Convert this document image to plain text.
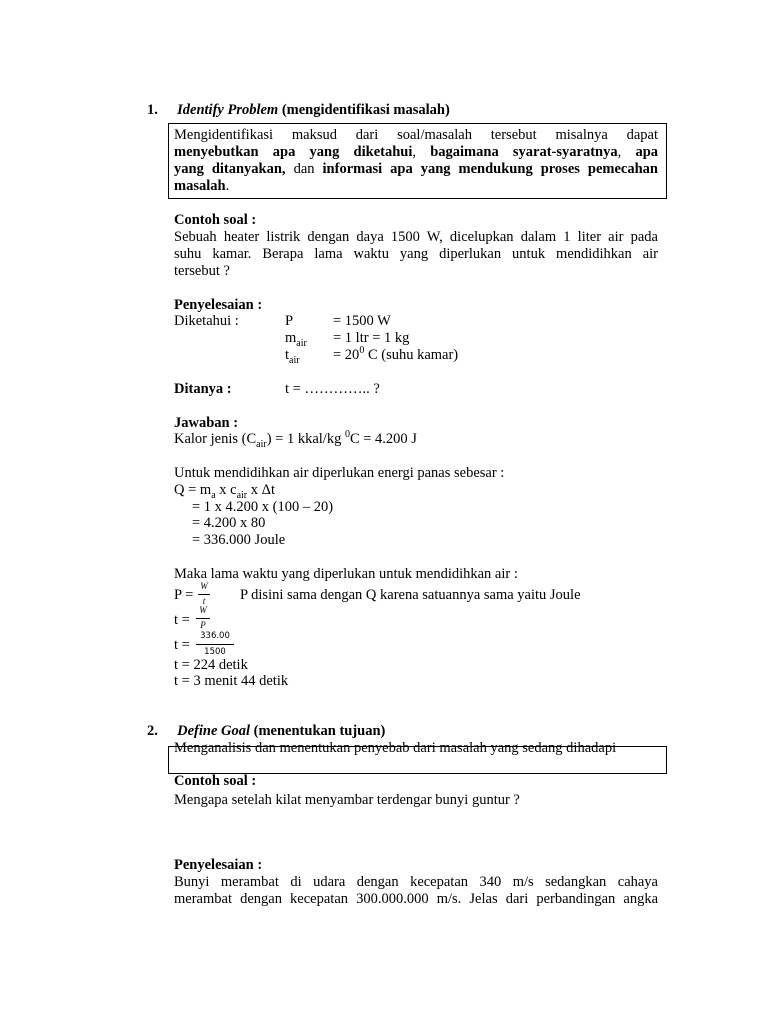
1. Identify Problem (mengidentifikasi masalah)
Mengidentifikasi maksud dari soal/masalah tersebut misalnya dapat
menyebutkan apa yang diketahui, bagaimana syarat-syaratnya, apa
yang ditanyakan, dan informasi apa yang mendukung proses pemecahan
masalah.
Contoh soal :
Sebuah heater listrik dengan daya 1500 W, dicelupkan dalam 1 liter air pada
suhu kamar. Berapa lama waktu yang diperlukan untuk mendidihkan air
tersebut ?
Penyelesaian :
Diketahui :	P	= 1500 W
$m_{air} = 1$ ltr = 1 kg
$t_{air} = 20^0$ C (suhu kamar)
Ditanya :	t = ………….. ?
Jawaban :
Kalor jenis $(C_{air}) = 1$ kkal/kg $^0$C = 4.200 J
Untuk mendidihkan air diperlukan energi panas sebesar :
$Q = m_a$ x $c_{air}$ x Δt
= 1 x 4.200 x (100 – 20)
= 4.200 x 80
= 336.000 Joule
Maka lama waktu yang diperlukan untuk mendidihkan air :
P =
W
t	P disini sama dengan Q karena satuannya sama yaitu Joule
t =
W
P
t =
336.00
1500
t = 224 detik
t = 3 menit 44 detik
2. Define Goal (menentukan tujuan)
Menganalisis dan menentukan penyebab dari masalah yang sedang dihadapi
Contoh soal :
Mengapa setelah kilat menyambar terdengar bunyi guntur ?
Penyelesaian :
Bunyi merambat di udara dengan kecepatan 340 m/s sedangkan cahaya
merambat dengan kecepatan 300.000.000 m/s. Jelas dari perbandingan angka
